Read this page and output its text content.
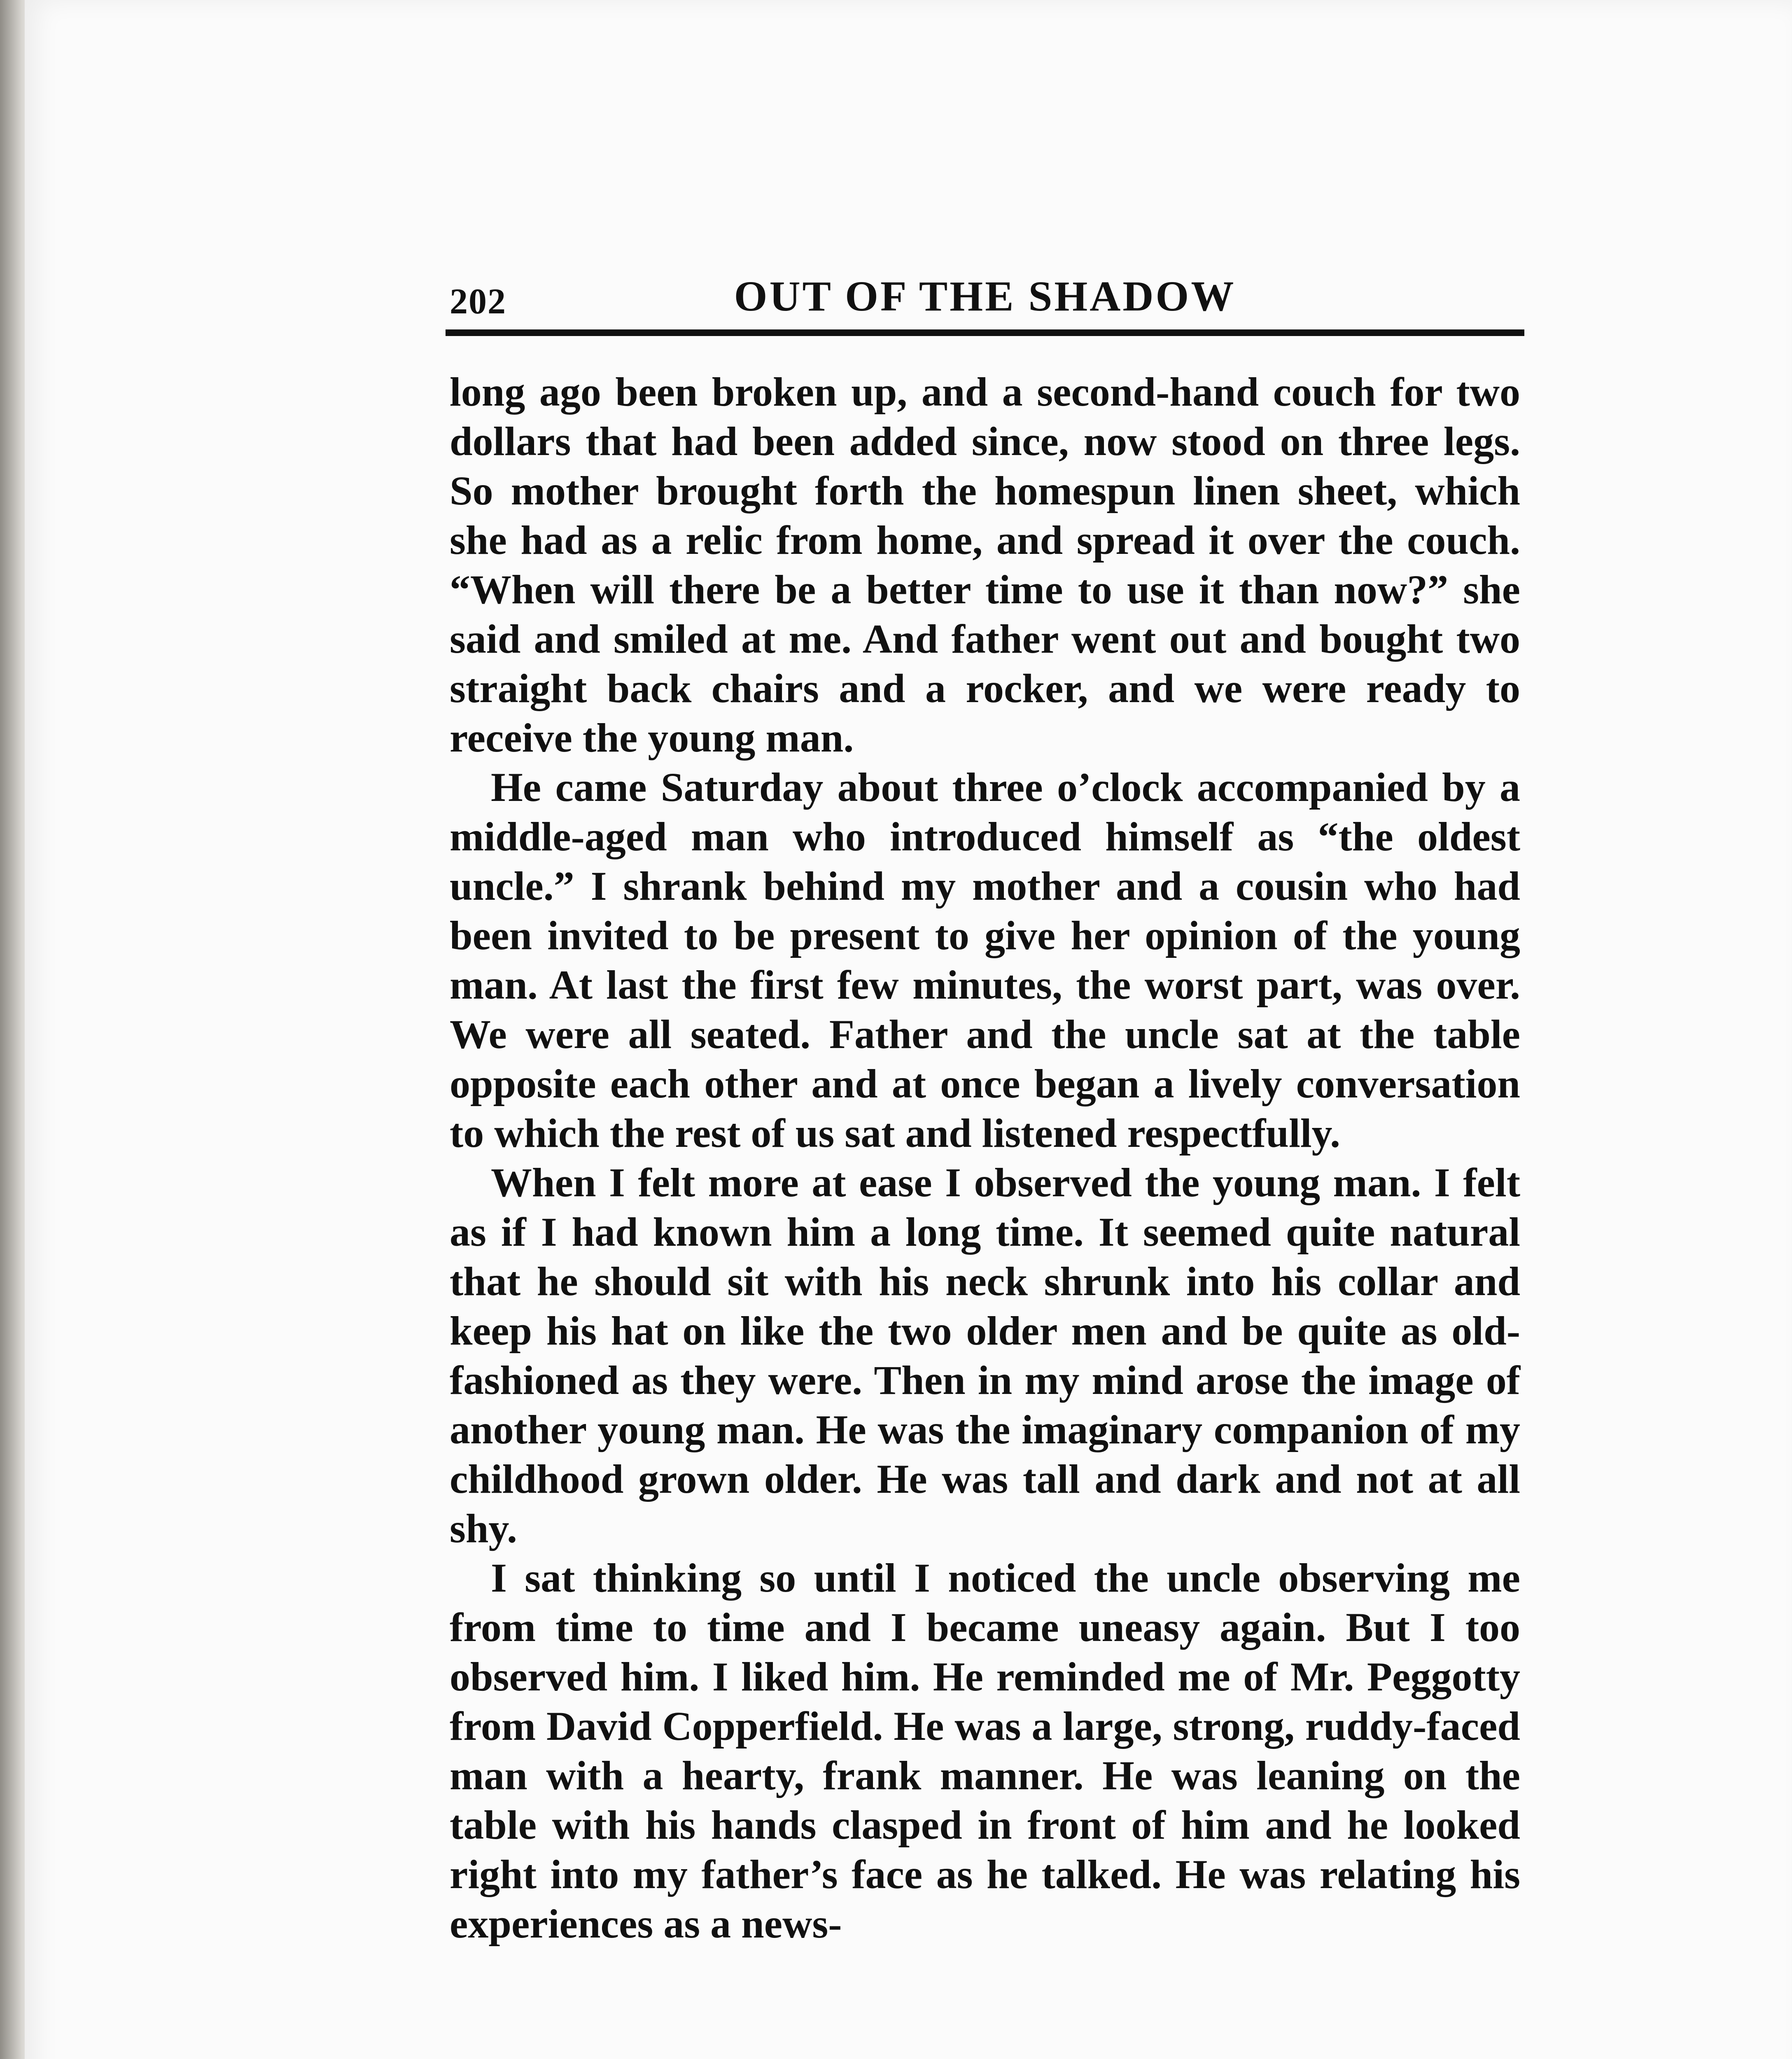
202	OUT OF THE SHADOW

long ago been broken up, and a second-hand couch for two dollars that had been added since, now stood on three legs. So mother brought forth the homespun linen sheet, which she had as a relic from home, and spread it over the couch. “When will there be a better time to use it than now?” she said and smiled at me. And father went out and bought two straight back chairs and a rocker, and we were ready to receive the young man.

He came Saturday about three o’clock accompanied by a middle-aged man who introduced himself as “the oldest uncle.” I shrank behind my mother and a cousin who had been invited to be present to give her opinion of the young man. At last the first few minutes, the worst part, was over. We were all seated. Father and the uncle sat at the table opposite each other and at once began a lively conversation to which the rest of us sat and listened respectfully.

When I felt more at ease I observed the young man. I felt as if I had known him a long time. It seemed quite natural that he should sit with his neck shrunk into his collar and keep his hat on like the two older men and be quite as old-fashioned as they were. Then in my mind arose the image of another young man. He was the imaginary companion of my childhood grown older. He was tall and dark and not at all shy.

I sat thinking so until I noticed the uncle observing me from time to time and I became uneasy again. But I too observed him. I liked him. He reminded me of Mr. Peggotty from David Copperfield. He was a large, strong, ruddy-faced man with a hearty, frank manner. He was leaning on the table with his hands clasped in front of him and he looked right into my father’s face as he talked. He was relating his experiences as a news-
